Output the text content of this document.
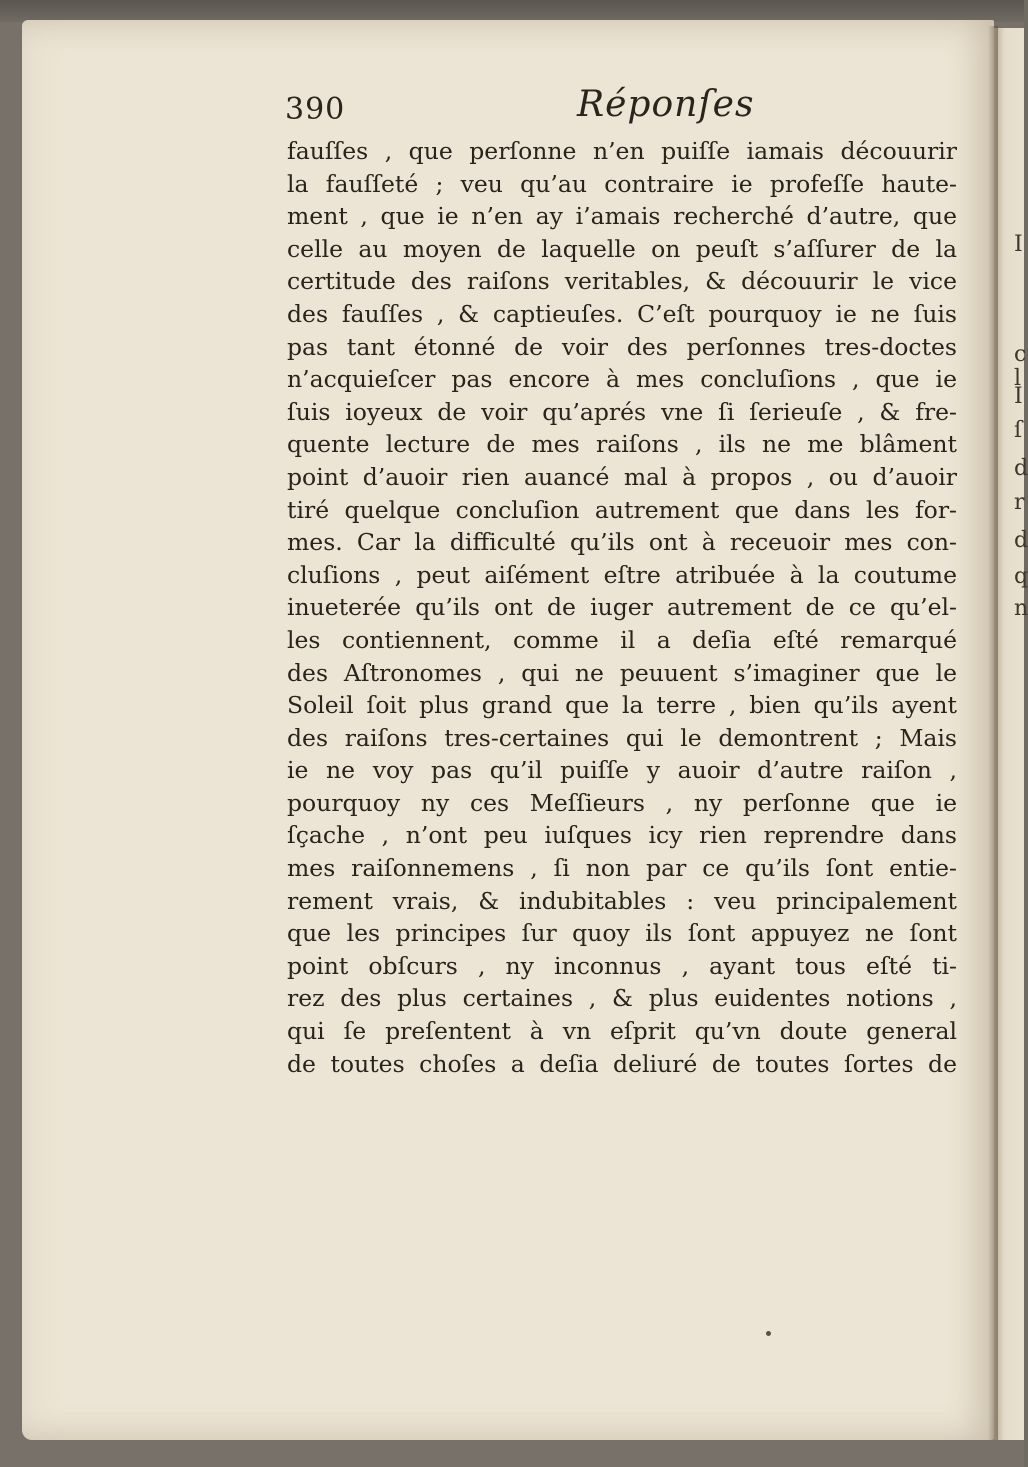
I
c
l
I
ſ
d
r
d
q
n
390	Réponſes
fauſſes , que perſonne n’en puiſſe iamais découurir
la fauſſeté ; veu qu’au contraire ie profeſſe haute-
ment , que ie n’en ay i’amais recherché d’autre, que
celle au moyen de laquelle on peuſt s’aſſurer de la
certitude des raiſons veritables, & découurir le vice
des fauſſes , & captieuſes. C’eſt pourquoy ie ne ſuis
pas tant étonné de voir des perſonnes tres-doctes
n’acquieſcer pas encore à mes concluſions , que ie
ſuis ioyeux de voir qu’aprés vne ſi ſerieuſe , & fre-
quente lecture de mes raiſons , ils ne me blâment
point d’auoir rien auancé mal à propos , ou d’auoir
tiré quelque concluſion autrement que dans les for-
mes. Car la difficulté qu’ils ont à receuoir mes con-
cluſions , peut aiſément eſtre atribuée à la coutume
inueterée qu’ils ont de iuger autrement de ce qu’el-
les contiennent, comme il a deſia eſté remarqué
des Aſtronomes , qui ne peuuent s’imaginer que le
Soleil ſoit plus grand que la terre , bien qu’ils ayent
des raiſons tres-certaines qui le demontrent ; Mais
ie ne voy pas qu’il puiſſe y auoir d’autre raiſon ,
pourquoy ny ces Meſſieurs , ny perſonne que ie
ſçache , n’ont peu iuſques icy rien reprendre dans
mes raiſonnemens , ſi non par ce qu’ils ſont entie-
rement vrais, & indubitables : veu principalement
que les principes ſur quoy ils ſont appuyez ne ſont
point obſcurs , ny inconnus , ayant tous eſté ti-
rez des plus certaines , & plus euidentes notions ,
qui ſe preſentent à vn eſprit qu’vn doute general
de toutes choſes a deſia deliuré de toutes ſortes de
